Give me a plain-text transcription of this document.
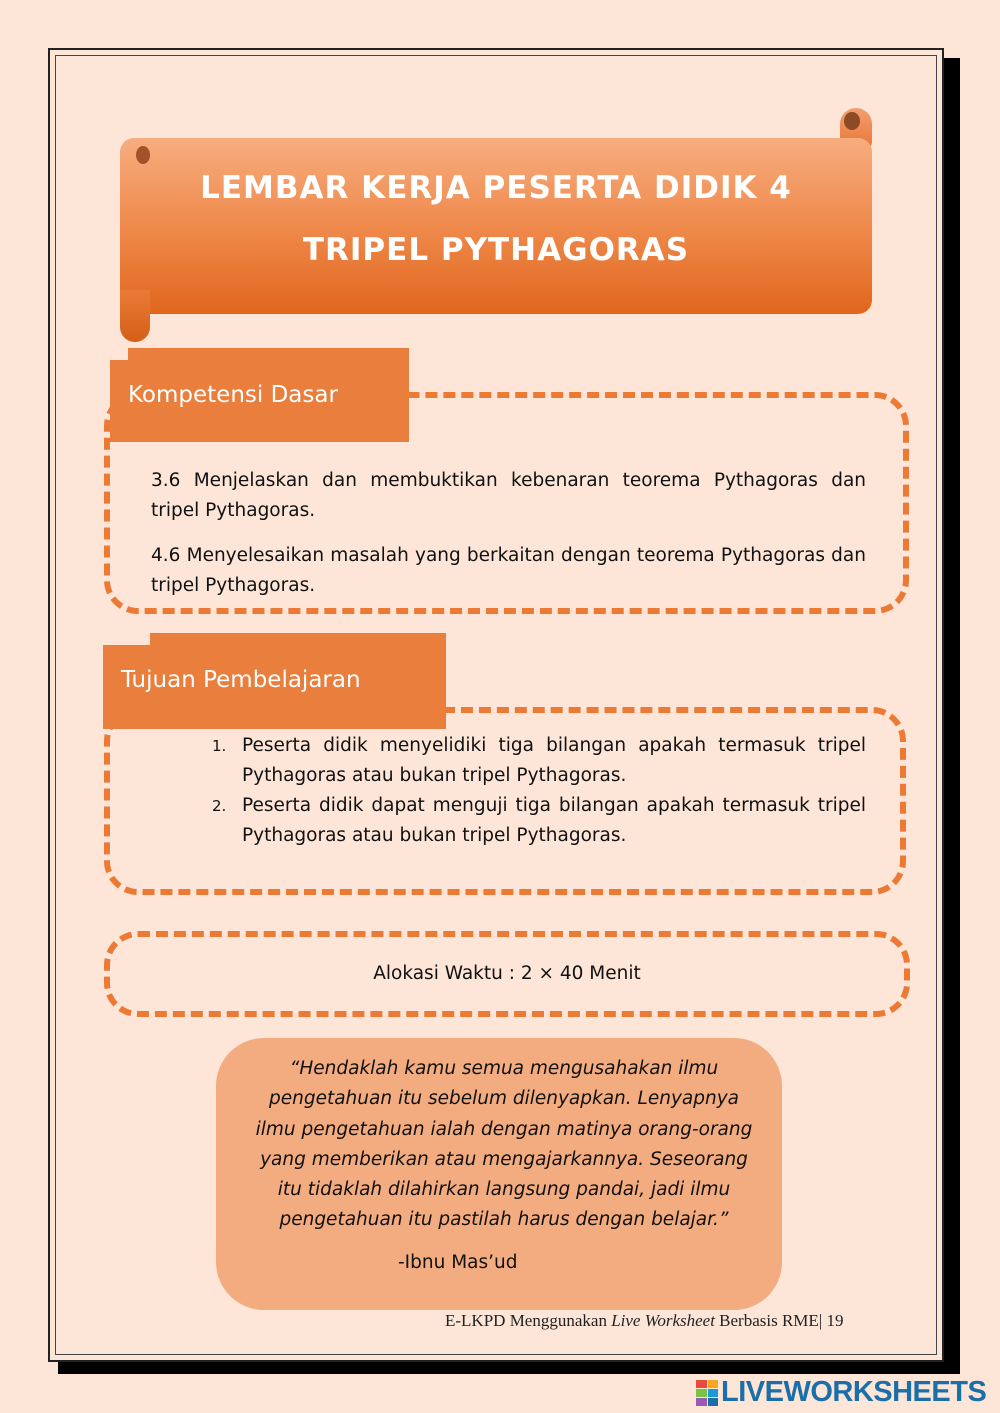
LEMBAR KERJA PESERTA DIDIK 4
TRIPEL PYTHAGORAS
Kompetensi Dasar
3.6 Menjelaskan dan membuktikan kebenaran teorema Pythagoras dan tripel Pythagoras.
4.6 Menyelesaikan masalah yang berkaitan dengan teorema Pythagoras dan tripel Pythagoras.
Tujuan Pembelajaran
1. Peserta didik menyelidiki tiga bilangan apakah termasuk tripel Pythagoras atau bukan tripel Pythagoras.
2. Peserta didik dapat menguji tiga bilangan apakah termasuk tripel Pythagoras atau bukan tripel Pythagoras.
Alokasi Waktu : 2 × 40 Menit
“Hendaklah kamu semua mengusahakan ilmu pengetahuan itu sebelum dilenyapkan. Lenyapnya ilmu pengetahuan ialah dengan matinya orang-orang yang memberikan atau mengajarkannya. Seseorang itu tidaklah dilahirkan langsung pandai, jadi ilmu pengetahuan itu pastilah harus dengan belajar.”
-Ibnu Mas’ud
E-LKPD Menggunakan Live Worksheet Berbasis RME| 19
LIVEWORKSHEETS
